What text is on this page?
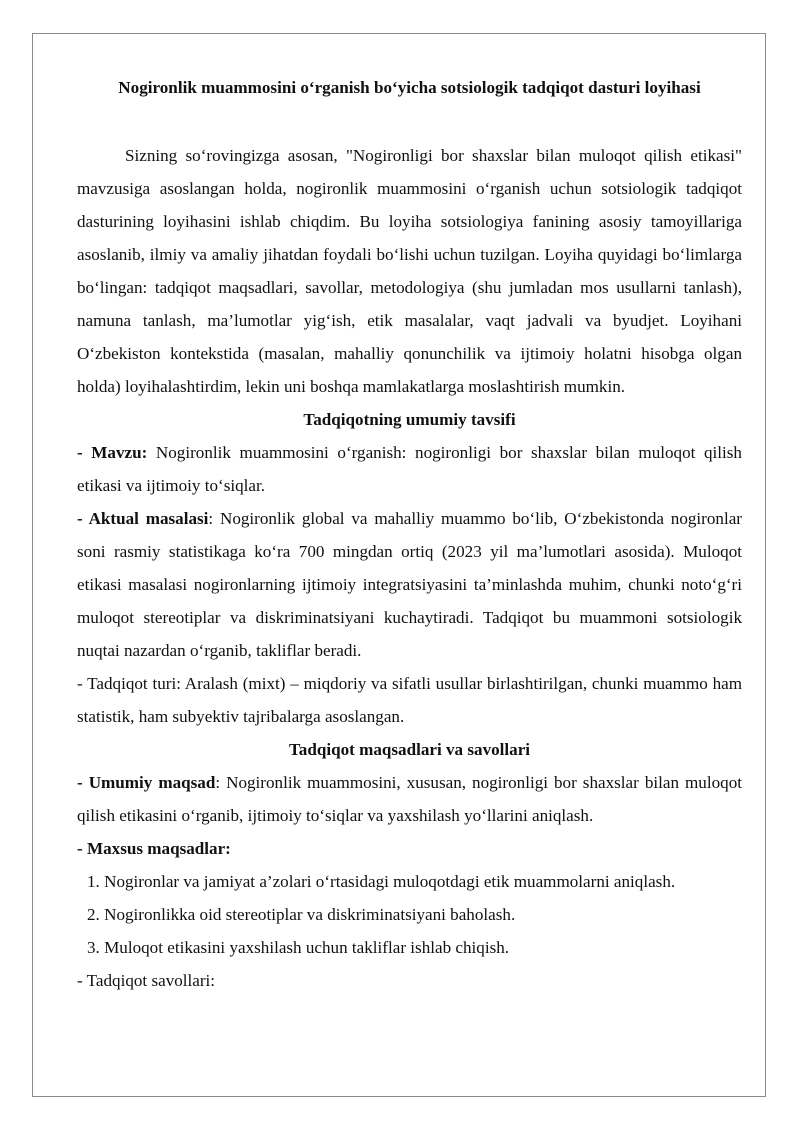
Nogironlik muammosini o‘rganish bo‘yicha sotsiologik tadqiqot dasturi loyihasi

Sizning so‘rovingizga asosan, "Nogironligi bor shaxslar bilan muloqot qilish etikasi" mavzusiga asoslangan holda, nogironlik muammosini o‘rganish uchun sotsiologik tadqiqot dasturining loyihasini ishlab chiqdim. Bu loyiha sotsiologiya fanining asosiy tamoyillariga asoslanib, ilmiy va amaliy jihatdan foydali bo‘lishi uchun tuzilgan. Loyiha quyidagi bo‘limlarga bo‘lingan: tadqiqot maqsadlari, savollar, metodologiya (shu jumladan mos usullarni tanlash), namuna tanlash, ma’lumotlar yig‘ish, etik masalalar, vaqt jadvali va byudjet. Loyihani O‘zbekiston kontekstida (masalan, mahalliy qonunchilik va ijtimoiy holatni hisobga olgan holda) loyihalashtirdim, lekin uni boshqa mamlakatlarga moslashtirish mumkin.

Tadqiqotning umumiy tavsifi

- Mavzu: Nogironlik muammosini o‘rganish: nogironligi bor shaxslar bilan muloqot qilish etikasi va ijtimoiy to‘siqlar.

- Aktual masalasi: Nogironlik global va mahalliy muammo bo‘lib, O‘zbekistonda nogironlar soni rasmiy statistikaga ko‘ra 700 mingdan ortiq (2023 yil ma’lumotlari asosida). Muloqot etikasi masalasi nogironlarning ijtimoiy integratsiyasini ta’minlashda muhim, chunki noto‘g‘ri muloqot stereotiplar va diskriminatsiyani kuchaytiradi. Tadqiqot bu muammoni sotsiologik nuqtai nazardan o‘rganib, takliflar beradi.

- Tadqiqot turi: Aralash (mixt) – miqdoriy va sifatli usullar birlashtirilgan, chunki muammo ham statistik, ham subyektiv tajribalarga asoslangan.

Tadqiqot maqsadlari va savollari

- Umumiy maqsad: Nogironlik muammosini, xususan, nogironligi bor shaxslar bilan muloqot qilish etikasini o‘rganib, ijtimoiy to‘siqlar va yaxshilash yo‘llarini aniqlash.

- Maxsus maqsadlar:

1. Nogironlar va jamiyat a’zolari o‘rtasidagi muloqotdagi etik muammolarni aniqlash.

2. Nogironlikka oid stereotiplar va diskriminatsiyani baholash.

3. Muloqot etikasini yaxshilash uchun takliflar ishlab chiqish.

- Tadqiqot savollari:
